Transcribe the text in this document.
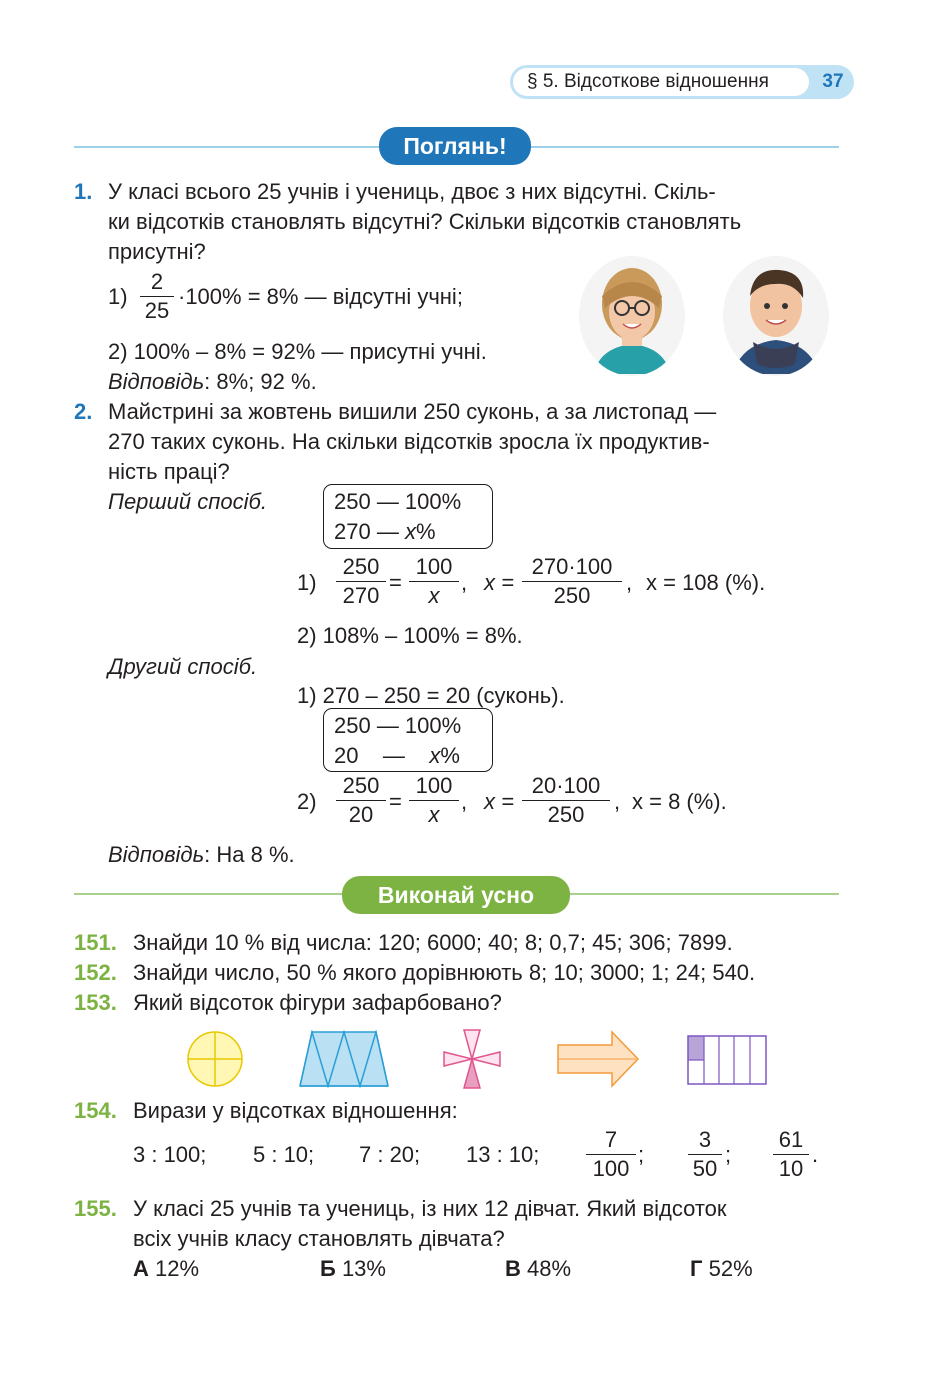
§ 5. Відсоткове відношення	37
Поглянь!
1. У класі всього 25 учнів і учениць, двоє з них відсутні. Скіль-
ки відсотків становлять відсутні? Скільки відсотків становлять
присутні?
$1) \frac{2}{25} \cdot 100\% = 8\%$ — відсутні учні;
2) 100% – 8% = 92% — присутні учні.
Відповідь: 8%; 92 %.
2. Майстрині за жовтень вишили 250 суконь, а за листопад —
270 таких суконь. На скільки відсотків зросла їх продуктив-
ність праці?
Перший спосіб.	250 — 100%
270 — x%
$1) \frac{250}{270} = \frac{100}{x}$ , $x = \frac{270\cdot 100}{250}$ , x = 108 (%).
2) 108% – 100% = 8%.
Другий спосіб.
1) 270 – 250 = 20 (суконь).
250 — 100%
20    —    x%
$2) \frac{250}{20} = \frac{100}{x}$ , $x = \frac{20\cdot 100}{250}$ , x = 8 (%).
Відповідь: На 8 %.
Виконай усно
151. Знайди 10 % від числа: 120; 6000; 40; 8; 0,7; 45; 306; 7899.
152. Знайди число, 50 % якого дорівнюють 8; 10; 3000; 1; 24; 540.
153. Який відсоток фігури зафарбовано?
154. Вирази у відсотках відношення:
3 : 100; 5 : 10; 7 : 20; 13 : 10; $\frac{7}{100}$ ; $\frac{3}{50}$ ; $\frac{61}{10}$ .
155. У класі 25 учнів та учениць, із них 12 дівчат. Який відсоток
всіх учнів класу становлять дівчата?
А 12%	Б 13%	В 48%	Г 52%
